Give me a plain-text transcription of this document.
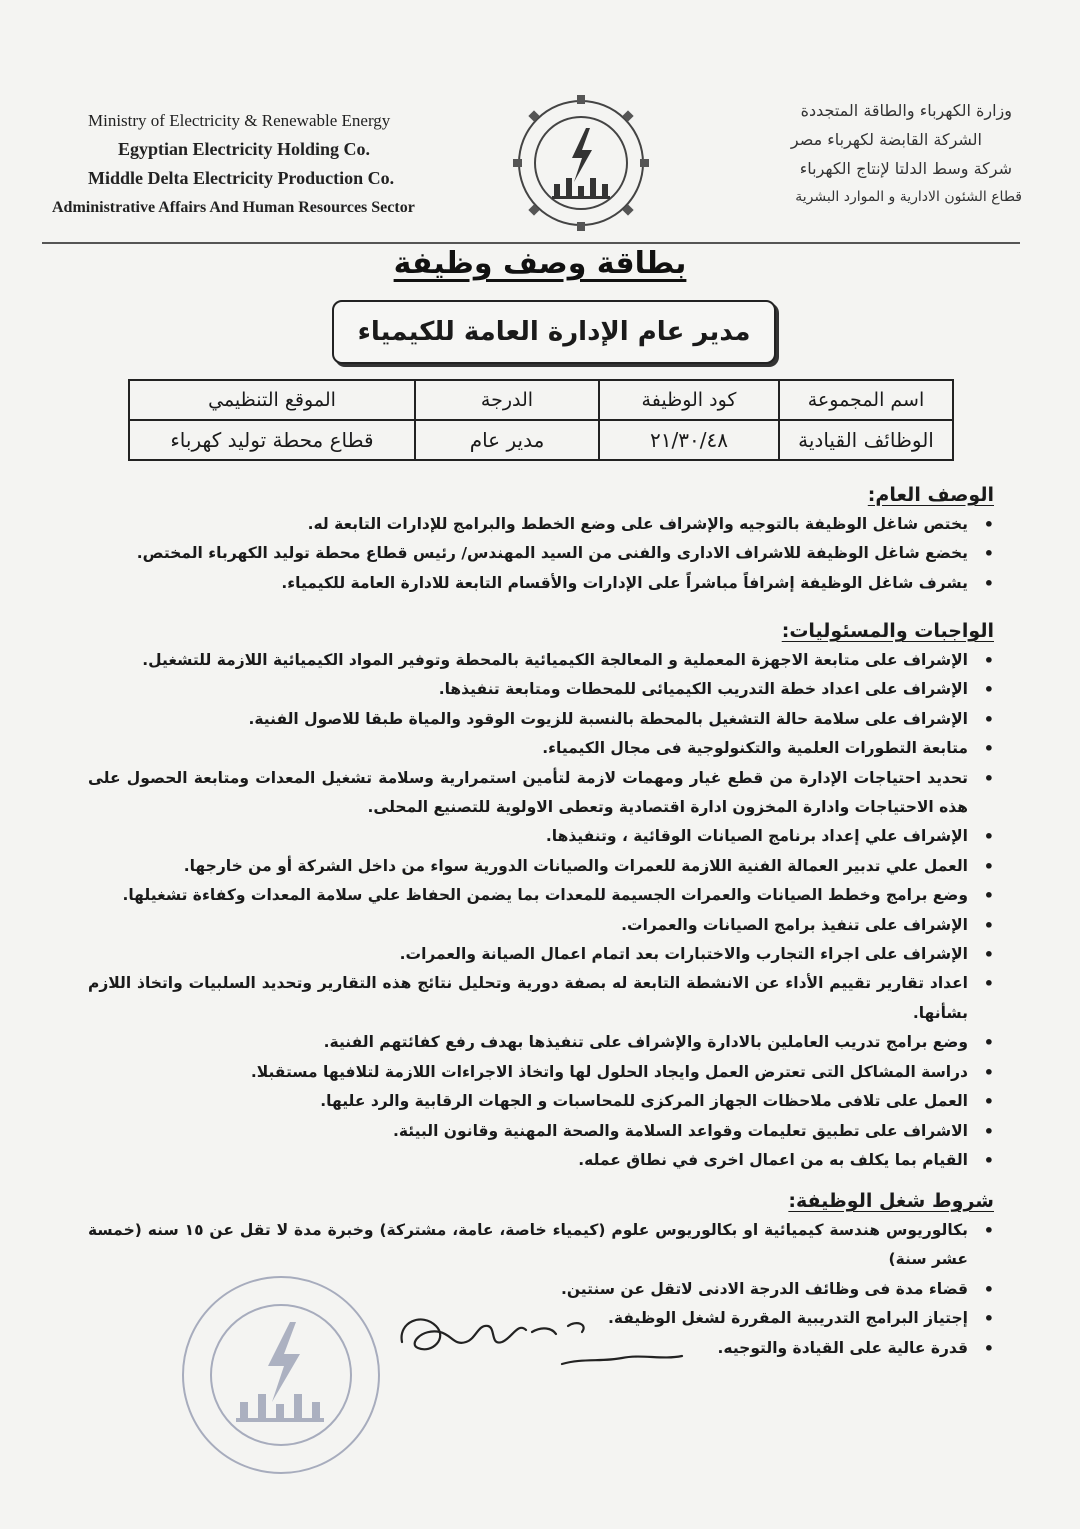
Ministry of Electricity & Renewable Energy
Egyptian Electricity Holding Co.
Middle Delta Electricity Production Co.
Administrative Affairs And Human Resources Sector
وزارة الكهرباء والطاقة المتجددة
الشركة القابضة لكهرباء مصر
شركة وسط الدلتا لإنتاج الكهرباء
قطاع الشئون الادارية و الموارد البشرية
بطاقة وصف وظيفة
مدير عام الإدارة العامة للكيمياء
اسم المجموعة	كود الوظيفة	الدرجة	الموقع التنظيمي
الوظائف القيادية	٢١/٣٠/٤٨	مدير عام	قطاع محطة توليد كهرباء
الوصف العام:
•
يختص شاغل الوظيفة بالتوجيه والإشراف على وضع الخطط والبرامج للإدارات التابعة له.
•
يخضع شاغل الوظيفة للاشراف الادارى والفنى من السيد المهندس/ رئيس قطاع محطة توليد الكهرباء المختص.
•
يشرف شاغل الوظيفة إشرافاً مباشراً على الإدارات والأقسام التابعة للادارة العامة للكيمياء.
الواجبات والمسئوليات:
•
الإشراف على متابعة الاجهزة المعملية و المعالجة الكيميائية بالمحطة وتوفير المواد الكيميائية اللازمة للتشغيل.
•
الإشراف على اعداد خطة التدريب الكيميائى للمحطات ومتابعة تنفيذها.
•
الإشراف على سلامة حالة التشغيل بالمحطة بالنسبة للزيوت الوقود والمياة طبقا للاصول الفنية.
•
متابعة التطورات العلمية والتكنولوجية فى مجال الكيمياء.
•
تحديد احتياجات الإدارة من قطع غيار ومهمات لازمة لتأمين استمرارية وسلامة تشغيل المعدات ومتابعة الحصول على هذه الاحتياجات وادارة المخزون ادارة اقتصادية وتعطى الاولوية للتصنيع المحلى.
•
الإشراف علي إعداد برنامج الصيانات الوقائية ، وتنفيذها.
•
العمل علي تدبير العمالة الفنية اللازمة للعمرات والصيانات الدورية سواء من داخل الشركة أو من خارجها.
•
وضع برامج وخطط الصيانات والعمرات الجسيمة للمعدات بما يضمن الحفاظ علي سلامة المعدات وكفاءة تشغيلها.
•
الإشراف على تنفيذ برامج الصيانات والعمرات.
•
الإشراف على اجراء التجارب والاختبارات بعد اتمام اعمال الصيانة والعمرات.
•
اعداد تقارير تقييم الأداء عن الانشطة التابعة له بصفة دورية وتحليل نتائج هذه التقارير وتحديد السلبيات واتخاذ اللازم بشأنها.
•
وضع برامج تدريب العاملين بالادارة والإشراف على تنفيذها بهدف رفع كفائتهم الفنية.
•
دراسة المشاكل التى تعترض العمل وايجاد الحلول لها واتخاذ الاجراءات اللازمة لتلافيها مستقبلا.
•
العمل على تلافى ملاحظات الجهاز المركزى للمحاسبات و الجهات الرقابية والرد عليها.
•
الاشراف على تطبيق تعليمات وقواعد السلامة والصحة المهنية وقانون البيئة.
•
القيام بما يكلف به من اعمال اخرى في نطاق عمله.
شروط شغل الوظيفة:
•
بكالوريوس هندسة كيميائية او بكالوريوس علوم (كيمياء خاصة، عامة، مشتركة) وخبرة مدة لا تقل عن ١٥ سنه (خمسة عشر سنة)
•
قضاء مدة فى وظائف الدرجة الادنى لاتقل عن سنتين.
•
إجتياز البرامج التدريبية المقررة لشغل الوظيفة.
•
قدرة عالية على القيادة والتوجيه.
